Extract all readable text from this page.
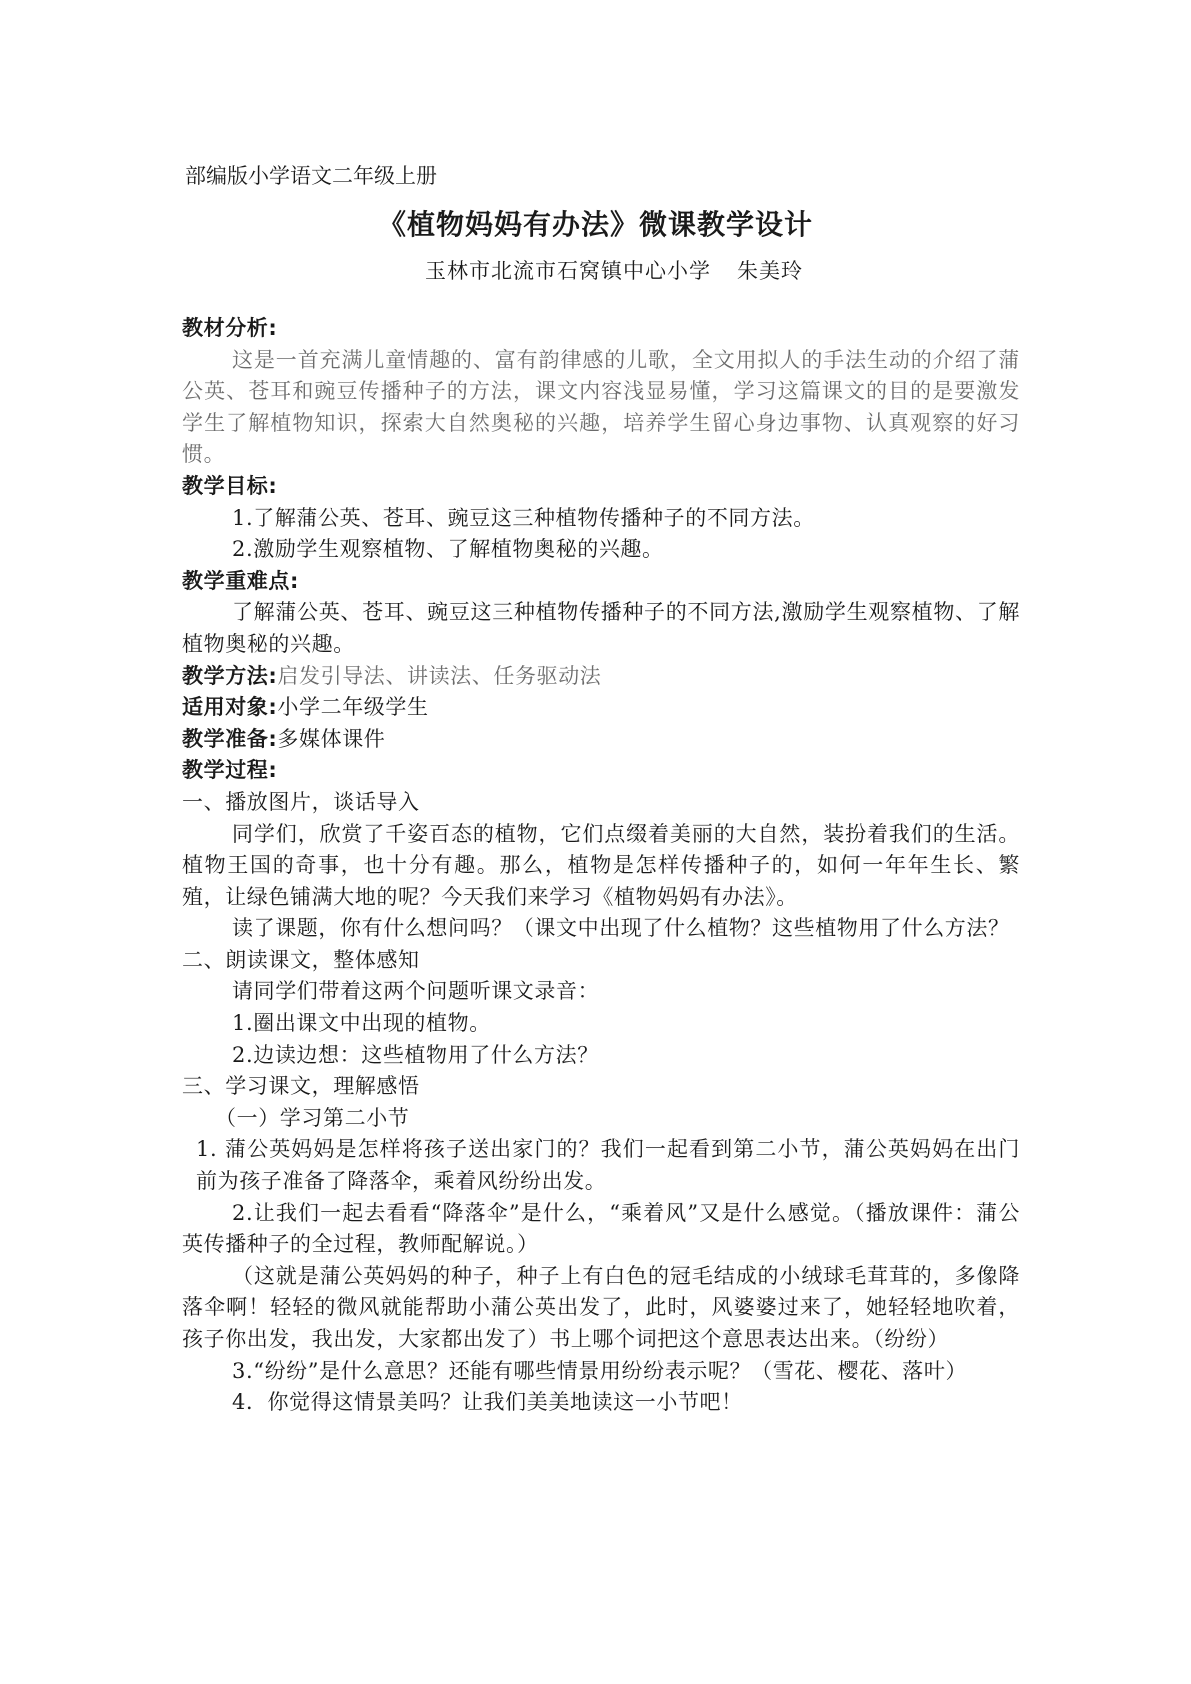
部编版小学语文二年级上册
《植物妈妈有办法》微课教学设计
玉林市北流市石窝镇中心小学 朱美玲

教材分析:

这是一首充满儿童情趣的、富有韵律感的儿歌，全文用拟人的手法生动的介绍了蒲公英、苍耳和豌豆传播种子的方法，课文内容浅显易懂，学习这篇课文的目的是要激发学生了解植物知识，探索大自然奥秘的兴趣，培养学生留心身边事物、认真观察的好习惯。

教学目标:

1.了解蒲公英、苍耳、豌豆这三种植物传播种子的不同方法。

2.激励学生观察植物、了解植物奥秘的兴趣。

教学重难点:

了解蒲公英、苍耳、豌豆这三种植物传播种子的不同方法,激励学生观察植物、了解植物奥秘的兴趣。

教学方法:启发引导法、讲读法、任务驱动法

适用对象:小学二年级学生

教学准备:多媒体课件

教学过程:

一、播放图片，谈话导入

同学们，欣赏了千姿百态的植物，它们点缀着美丽的大自然，装扮着我们的生活。植物王国的奇事，也十分有趣。那么，植物是怎样传播种子的，如何一年年生长、繁殖，让绿色铺满大地的呢？今天我们来学习《植物妈妈有办法》。

读了课题，你有什么想问吗？（课文中出现了什么植物？这些植物用了什么方法？

二、朗读课文，整体感知

请同学们带着这两个问题听课文录音：

1.圈出课文中出现的植物。

2.边读边想：这些植物用了什么方法？

三、学习课文，理解感悟

（一）学习第二小节

1. 蒲公英妈妈是怎样将孩子送出家门的？我们一起看到第二小节，蒲公英妈妈在出门前为孩子准备了降落伞，乘着风纷纷出发。

2.让我们一起去看看“降落伞”是什么，“乘着风”又是什么感觉。（播放课件：蒲公英传播种子的全过程，教师配解说。）

（这就是蒲公英妈妈的种子，种子上有白色的冠毛结成的小绒球毛茸茸的，多像降落伞啊！轻轻的微风就能帮助小蒲公英出发了，此时，风婆婆过来了，她轻轻地吹着，孩子你出发，我出发，大家都出发了）书上哪个词把这个意思表达出来。（纷纷）

3.“纷纷”是什么意思？还能有哪些情景用纷纷表示呢？（雪花、樱花、落叶）

4．你觉得这情景美吗？让我们美美地读这一小节吧！
